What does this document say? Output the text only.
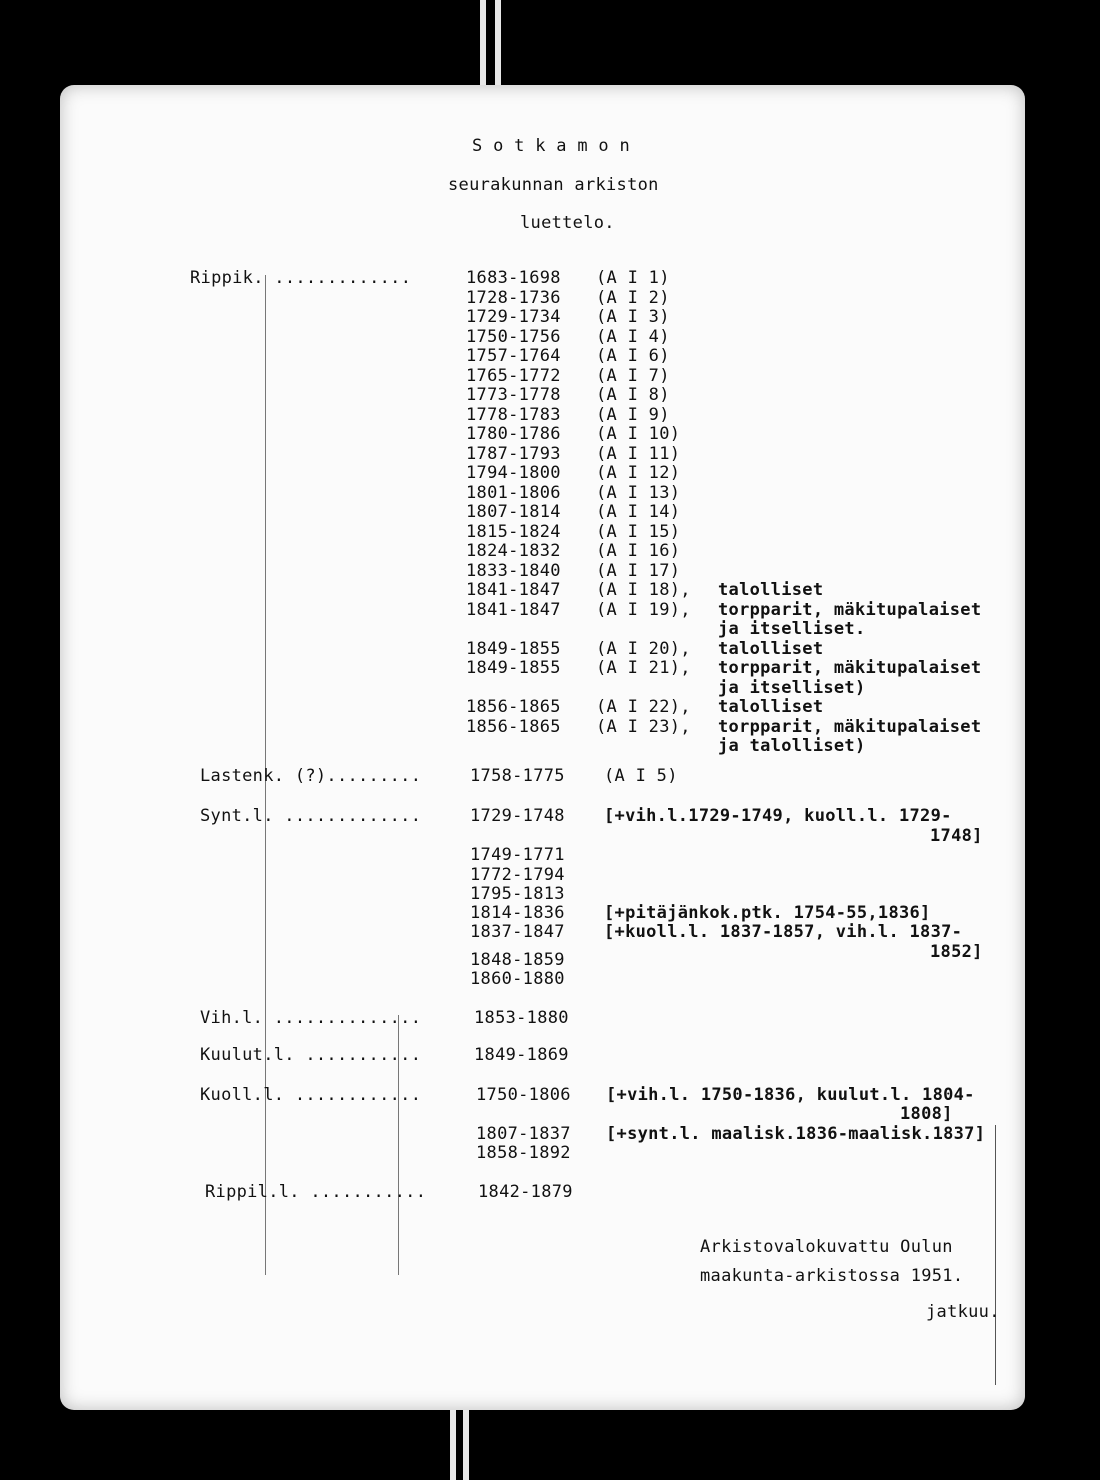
S o t k a m o n
seurakunnan arkiston
luettelo.
Rippik. .............	1683-1698 (A I 1)
1728-1736 (A I 2)
1729-1734 (A I 3)
1750-1756 (A I 4)
1757-1764 (A I 6)
1765-1772 (A I 7)
1773-1778 (A I 8)
1778-1783 (A I 9)
1780-1786 (A I 10)
1787-1793 (A I 11)
1794-1800 (A I 12)
1801-1806 (A I 13)
1807-1814 (A I 14)
1815-1824 (A I 15)
1824-1832 (A I 16)
1833-1840 (A I 17)
1841-1847 (A I 18), talolliset
1841-1847 (A I 19), torpparit, mäkitupalaiset
ja itselliset.
1849-1855 (A I 20), talolliset
1849-1855 (A I 21), torpparit, mäkitupalaiset
ja itselliset)
1856-1865 (A I 22), talolliset
1856-1865 (A I 23), torpparit, mäkitupalaiset
ja talolliset)
Lastenk. (?).........	1758-1775 (A I 5)
Synt.l. .............	1729-1748 [+vih.l.1729-1749, kuoll.l. 1729-
1748]
1749-1771
1772-1794
1795-1813
1814-1836 [+pitäjänkok.ptk. 1754-55,1836]
1837-1847 [+kuoll.l. 1837-1857, vih.l. 1837-
1852]
1848-1859
1860-1880
Vih.l. ..............	1853-1880
Kuulut.l. ...........	1849-1869
Kuoll.l. ............	1750-1806 [+vih.l. 1750-1836, kuulut.l. 1804-
1808]
1807-1837 [+synt.l. maalisk.1836-maalisk.1837]
1858-1892
Rippil.l. ...........	1842-1879
Arkistovalokuvattu Oulun
maakunta-arkistossa 1951.
jatkuu.
